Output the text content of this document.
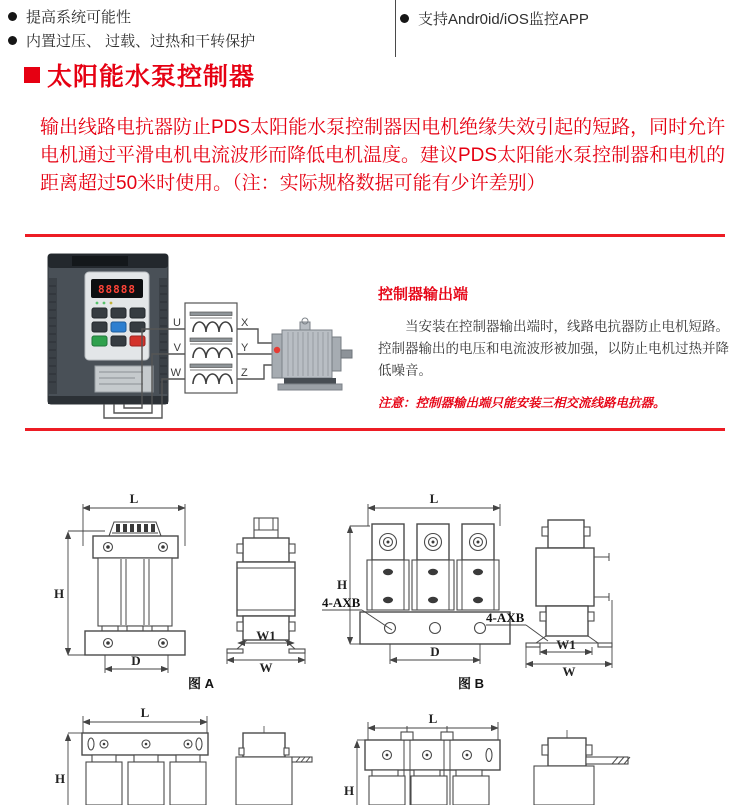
提高系统可能性
内置过压、 过载、过热和干转保护
支持Andr0id/iOS监控APP
太阳能水泵控制器
输出线路电抗器防止PDS太阳能水泵控制器因电机绝缘失效引起的短路，同时允许
电机通过平滑电机电流波形而降低电机温度。建议PDS太阳能水泵控制器和电机的
距离超过50米时使用。（注：实际规格数据可能有少许差别）
88888
U
V
W
X
Y
Z
控制器输出端
当安装在控制器输出端时，线路电抗器防止电机短路。
控制器输出的电压和电流波形被加强，以防止电机过热并降
低噪音。
注意：控制器输出端只能安装三相交流线路电抗器。
L
H
D
W1
W
图 A
L
H
D
4-AXB
W1
W
4-AXB
图 B
L
H
L
H
